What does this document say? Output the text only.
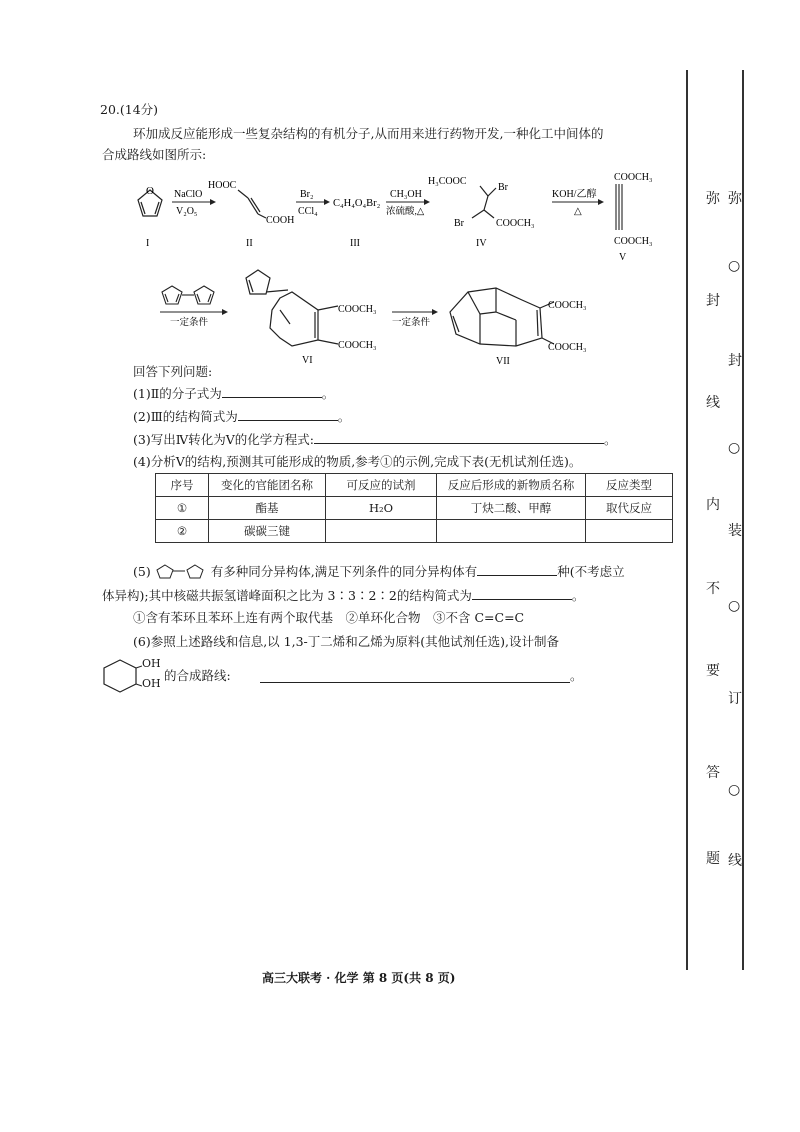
20.(14分)
环加成反应能形成一些复杂结构的有机分子,从而用来进行药物开发,一种化工中间体的
合成路线如图所示:
O NaClO
V₂O₅
HOOC
COOH
Br₂
CCl₄
C₄H₄O₄Br₂
CH₃OH
浓硫酸,△
H₃COOC
Br
Br	COOCH₃
KOH/乙醇
△
COOCH₃
COOCH₃
I	II	III	IV
V
一定条件
COOCH₃
COOCH₃
VI
一定条件
COOCH₃
COOCH₃
VII
回答下列问题:
(1)Ⅱ的分子式为	。
(2)Ⅲ的结构简式为	。
(3)写出Ⅳ转化为Ⅴ的化学方程式:	。
(4)分析Ⅴ的结构,预测其可能形成的物质,参考①的示例,完成下表(无机试剂任选)。
序号	变化的官能团名称	可反应的试剂	反应后形成的新物质名称	反应类型
①	酯基	H₂O	丁炔二酸、甲醇	取代反应
②	碳碳三键			
(5)	有多种同分异构体,满足下列条件的同分异构体有	种(不考虑立
体异构);其中核磁共振氢谱峰面积之比为 3∶3∶2∶2的结构简式为	。
①含有苯环且苯环上连有两个取代基　②单环化合物　③不含 C=C=C
(6)参照上述路线和信息,以 1,3-丁二烯和乙烯为原料(其他试剂任选),设计制备
OH
OH
的合成路线:	。
高三大联考 · 化学 第 8 页(共 8 页)
弥
封
线
内
不
要
答
题
弥
○
封
○
装
○
订
○
线
